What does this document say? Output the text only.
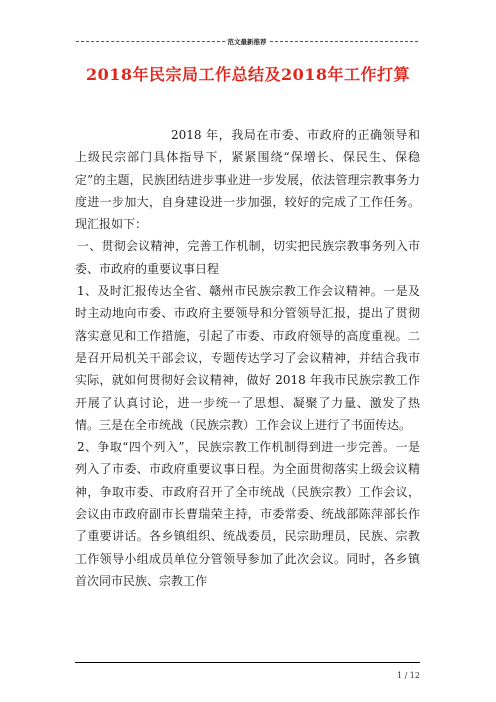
范文最新推荐
2018年民宗局工作总结及2018年工作打算

2018 年，我局在市委、市政府的正确领导和上级民宗部门具体指导下，紧紧围绕“保增长、保民生、保稳定”的主题，民族团结进步事业进一步发展，依法管理宗教事务力度进一步加大，自身建设进一步加强，较好的完成了工作任务。现汇报如下：

一、贯彻会议精神，完善工作机制，切实把民族宗教事务列入市委、市政府的重要议事日程

1、及时汇报传达全省、赣州市民族宗教工作会议精神。一是及时主动地向市委、市政府主要领导和分管领导汇报，提出了贯彻落实意见和工作措施，引起了市委、市政府领导的高度重视。二是召开局机关干部会议，专题传达学习了会议精神，并结合我市实际，就如何贯彻好会议精神，做好 2018 年我市民族宗教工作开展了认真讨论，进一步统一了思想、凝聚了力量、激发了热情。三是在全市统战（民族宗教）工作会议上进行了书面传达。

2、争取“四个列入”，民族宗教工作机制得到进一步完善。一是列入了市委、市政府重要议事日程。为全面贯彻落实上级会议精神，争取市委、市政府召开了全市统战（民族宗教）工作会议，会议由市政府副市长曹瑞荣主持，市委常委、统战部陈萍部长作了重要讲话。各乡镇组织、统战委员，民宗助理员，民族、宗教工作领导小组成员单位分管领导参加了此次会议。同时，各乡镇首次同市民族、宗教工作

1 / 12
